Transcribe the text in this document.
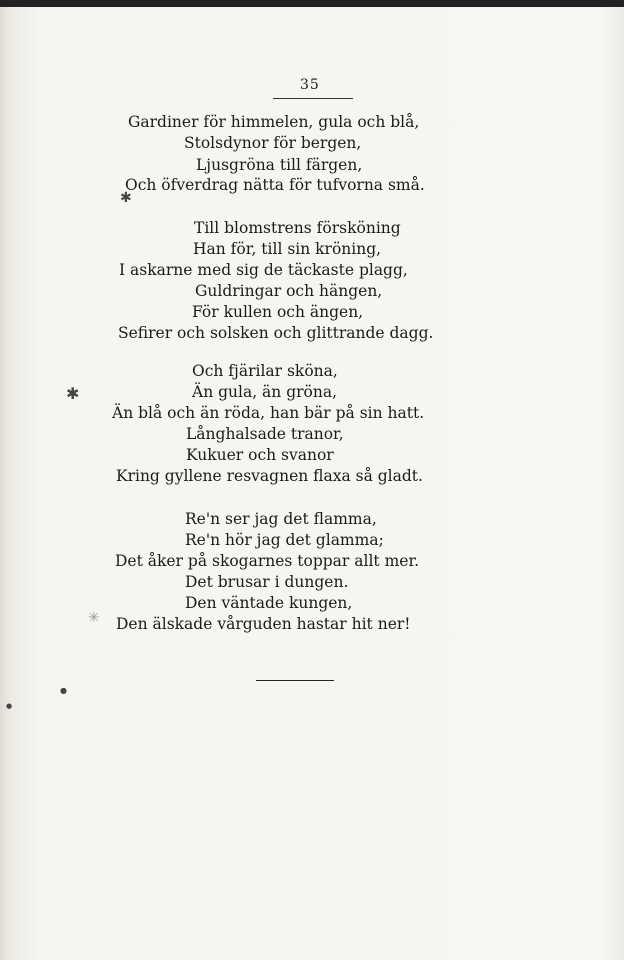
35
Gardiner för himmelen, gula och blå,
Stolsdynor för bergen,
Ljusgröna till färgen,
Och öfverdrag nätta för tufvorna små.
Till blomstrens försköning
Han för, till sin kröning,
I askarne med sig de täckaste plagg,
Guldringar och hängen,
För kullen och ängen,
Sefirer och solsken och glittrande dagg.
Och fjärilar sköna,
Än gula, än gröna,
Än blå och än röda, han bär på sin hatt.
Långhalsade tranor,
Kukuer och svanor
Kring gyllene resvagnen flaxa så gladt.
Re'n ser jag det flamma,
Re'n hör jag det glamma;
Det åker på skogarnes toppar allt mer.
Det brusar i dungen.
Den väntade kungen,
Den älskade vårguden hastar hit ner!
✱
✱
✳
●
●
